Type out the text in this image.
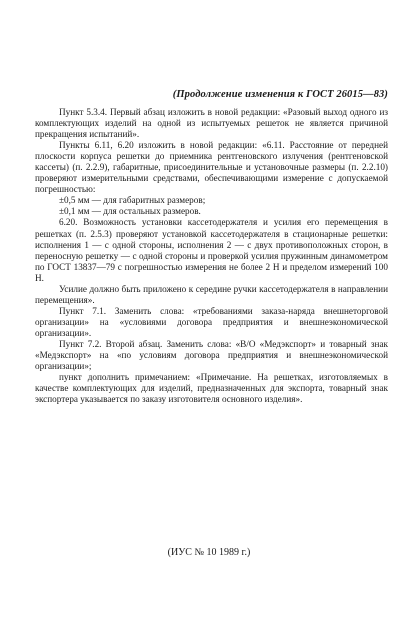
(Продолжение изменения к ГОСТ 26015—83)

Пункт 5.3.4. Первый абзац изложить в новой редакции: «Разовый выход одного из комплектующих изделий на одной из испытуемых решеток не является причиной прекращения испытаний».

Пункты 6.11, 6.20 изложить в новой редакции: «6.11. Расстояние от передней плоскости корпуса решетки до приемника рентгеновского излучения (рентгеновской кассеты) (п. 2.2.9), габаритные, присоединительные и установочные размеры (п. 2.2.10) проверяют измерительными средствами, обеспечивающими измерение с допускаемой погрешностью:

±0,5 мм — для габаритных размеров;

±0,1 мм — для остальных размеров.

6.20. Возможность установки кассетодержателя и усилия его перемещения в решетках (п. 2.5.3) проверяют установкой кассетодержателя в стационарные решетки: исполнения 1 — с одной стороны, исполнения 2 — с двух противоположных сторон, в переносную решетку — с одной стороны и проверкой усилия пружинным динамометром по ГОСТ 13837—79 с погрешностью измерения не более 2 Н и пределом измерений 100 Н.

Усилие должно быть приложено к середине ручки кассетодержателя в направлении перемещения».

Пункт 7.1. Заменить слова: «требованиями заказа-наряда внешнеторговой организации» на «условиями договора предприятия и внешнеэкономической организации».

Пункт 7.2. Второй абзац. Заменить слова: «В/О «Медэкспорт» и товарный знак «Медэкспорт» на «по условиям договора предприятия и внешнеэкономической организации»;

пункт дополнить примечанием: «Примечание. На решетках, изготовляемых в качестве комплектующих для изделий, предназначенных для экспорта, товарный знак экспортера указывается по заказу изготовителя основного изделия».

(ИУС № 10 1989 г.)
